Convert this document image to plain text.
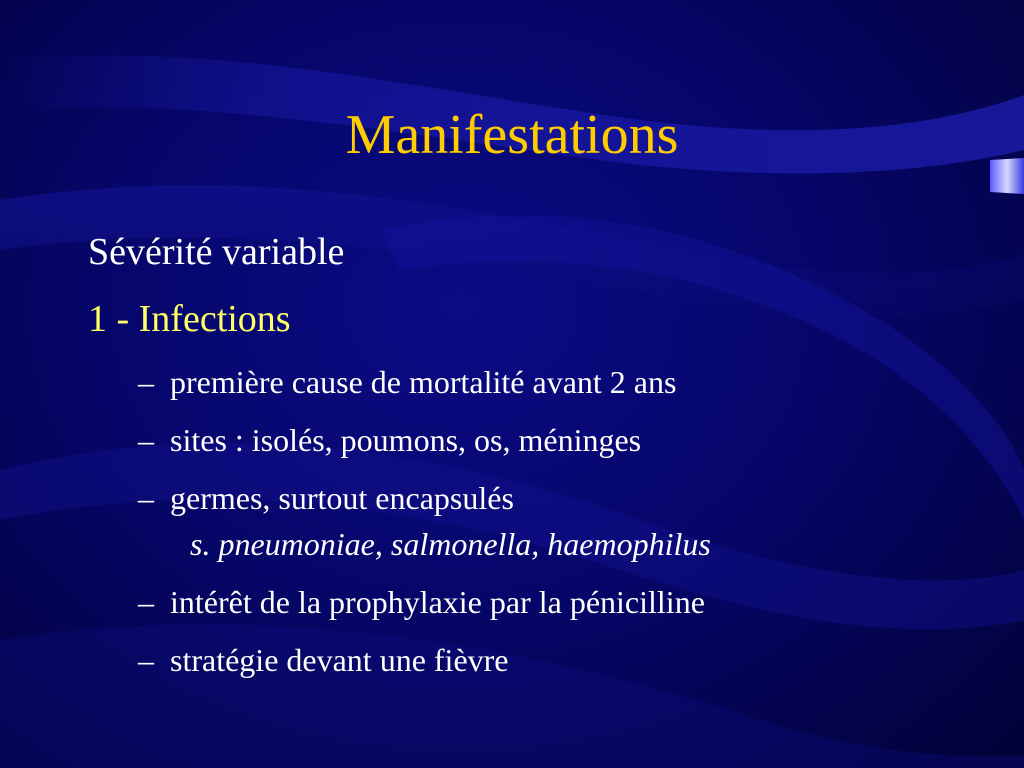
Manifestations
Sévérité variable
1 - Infections
– première cause de mortalité avant 2 ans
– sites : isolés, poumons, os, méninges
– germes, surtout encapsulés
s. pneumoniae, salmonella, haemophilus
– intérêt de la prophylaxie par la pénicilline
– stratégie devant une fièvre
